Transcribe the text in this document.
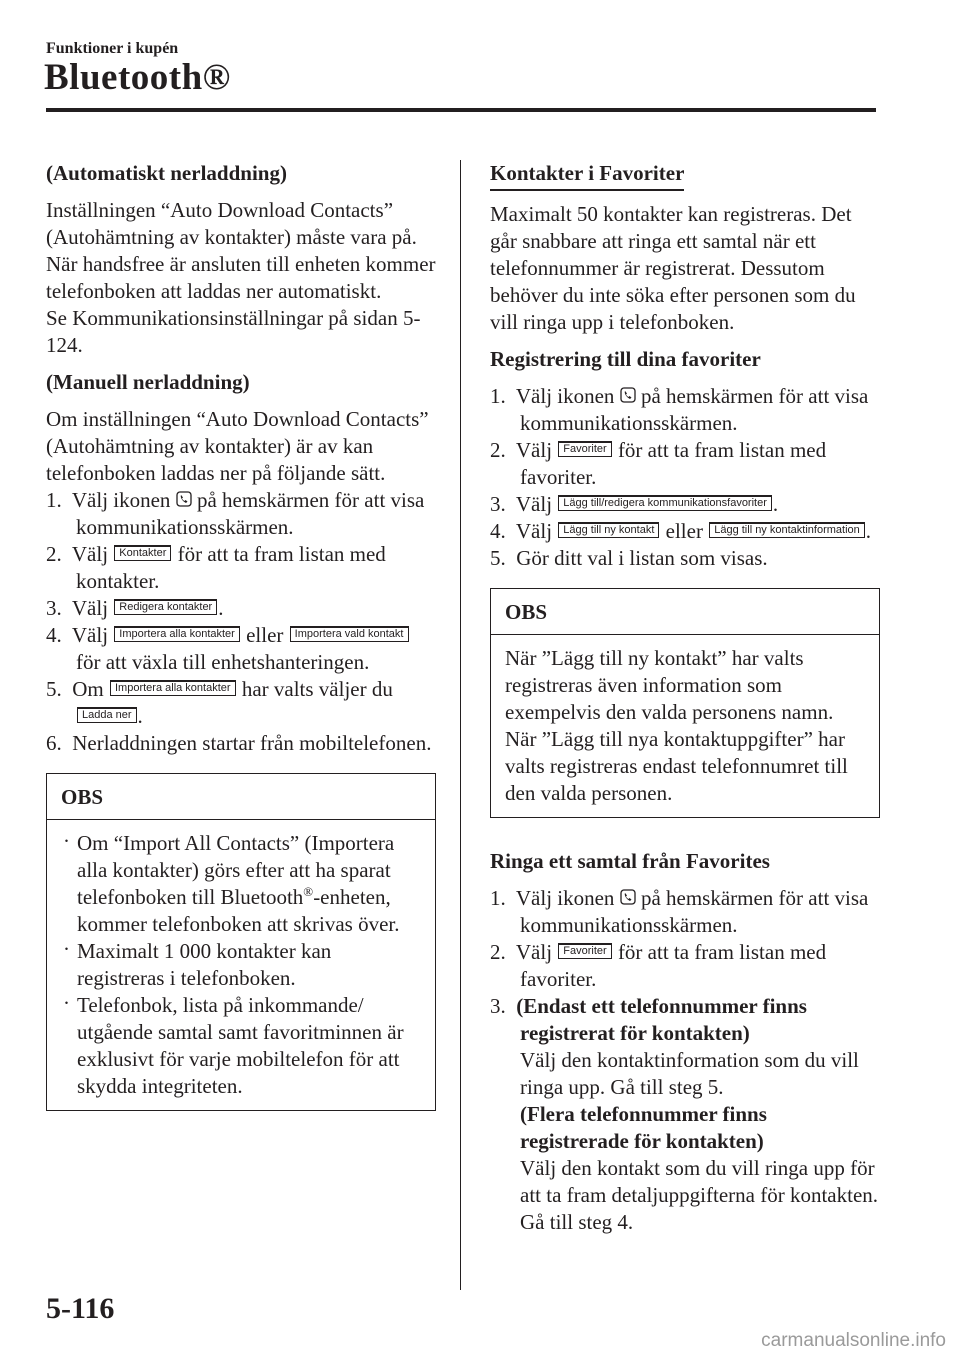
Funktioner i kupén
Bluetooth®

(Automatiskt nerladdning)

Inställningen “Auto Download Contacts” (Autohämtning av kontakter) måste vara på. När handsfree är ansluten till enheten kommer telefonboken att laddas ner automatiskt.

Se Kommunikationsinställningar på sidan 5-124.

(Manuell nerladdning)

Om inställningen “Auto Download Contacts” (Autohämtning av kontakter) är av kan telefonboken laddas ner på följande sätt.

1. Välj ikonen på hemskärmen för att visa kommunikationsskärmen.
2. Välj Kontakter för att ta fram listan med kontakter.
3. Välj Redigera kontakter .
4. Välj Importera alla kontakter eller Importera vald kontakt för att växla till enhetshanteringen.
5. Om Importera alla kontakter har valts väljer du Ladda ner .
6. Nerladdningen startar från mobiltelefonen.
OBS
· Om “Import All Contacts” (Importera alla kontakter) görs efter att ha sparat telefonboken till Bluetooth®-enheten, kommer telefonboken att skrivas över.
· Maximalt 1 000 kontakter kan registreras i telefonboken.
· Telefonbok, lista på inkommande/ utgående samtal samt favoritminnen är exklusivt för varje mobiltelefon för att skydda integriteten.

Kontakter i Favoriter

Maximalt 50 kontakter kan registreras. Det går snabbare att ringa ett samtal när ett telefonnummer är registrerat. Dessutom behöver du inte söka efter personen som du vill ringa upp i telefonboken.

Registrering till dina favoriter

1. Välj ikonen på hemskärmen för att visa kommunikationsskärmen.
2. Välj Favoriter för att ta fram listan med favoriter.
3. Välj Lägg till/redigera kommunikationsfavoriter .
4. Välj Lägg till ny kontakt eller Lägg till ny kontaktinformation .
5. Gör ditt val i listan som visas.
OBS

När ”Lägg till ny kontakt” har valts registreras även information som exempelvis den valda personens namn. När ”Lägg till nya kontaktuppgifter” har valts registreras endast telefonnumret till den valda personen.

Ringa ett samtal från Favorites

1. Välj ikonen på hemskärmen för att visa kommunikationsskärmen.
2. Välj Favoriter för att ta fram listan med favoriter.
3. (Endast ett telefonnummer finns registrerat för kontakten)
Välj den kontaktinformation som du vill ringa upp. Gå till steg 5.
(Flera telefonnummer finns registrerade för kontakten)
Välj den kontakt som du vill ringa upp för att ta fram detaljuppgifterna för kontakten. Gå till steg 4.
5-116
carmanualsonline.info
